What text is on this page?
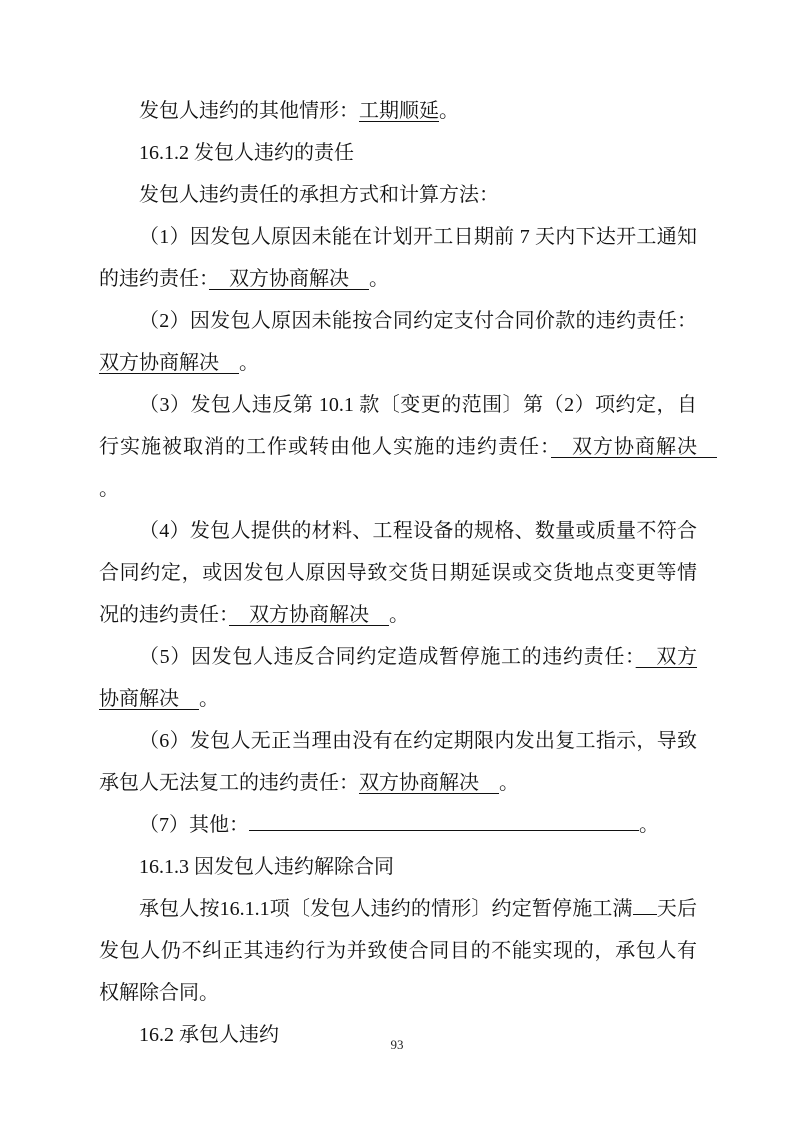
发包人违约的其他情形：工期顺延。
16.1.2 发包人违约的责任
发包人违约责任的承担方式和计算方法：
（1）因发包人原因未能在计划开工日期前 7 天内下达开工通知的违约责任：　双方协商解决　。
（2）因发包人原因未能按合同约定支付合同价款的违约责任：双方协商解决　。
（3）发包人违反第 10.1 款〔变更的范围〕第（2）项约定，自行实施被取消的工作或转由他人实施的违约责任：　双方协商解决　。
（4）发包人提供的材料、工程设备的规格、数量或质量不符合合同约定，或因发包人原因导致交货日期延误或交货地点变更等情况的违约责任：　双方协商解决　。
（5）因发包人违反合同约定造成暂停施工的违约责任：　双方协商解决　。
（6）发包人无正当理由没有在约定期限内发出复工指示，导致承包人无法复工的违约责任：双方协商解决　。
（7）其他：	。
16.1.3 因发包人违约解除合同
承包人按16.1.1项〔发包人违约的情形〕约定暂停施工满 天后发包人仍不纠正其违约行为并致使合同目的不能实现的，承包人有权解除合同。
16.2 承包人违约	93
